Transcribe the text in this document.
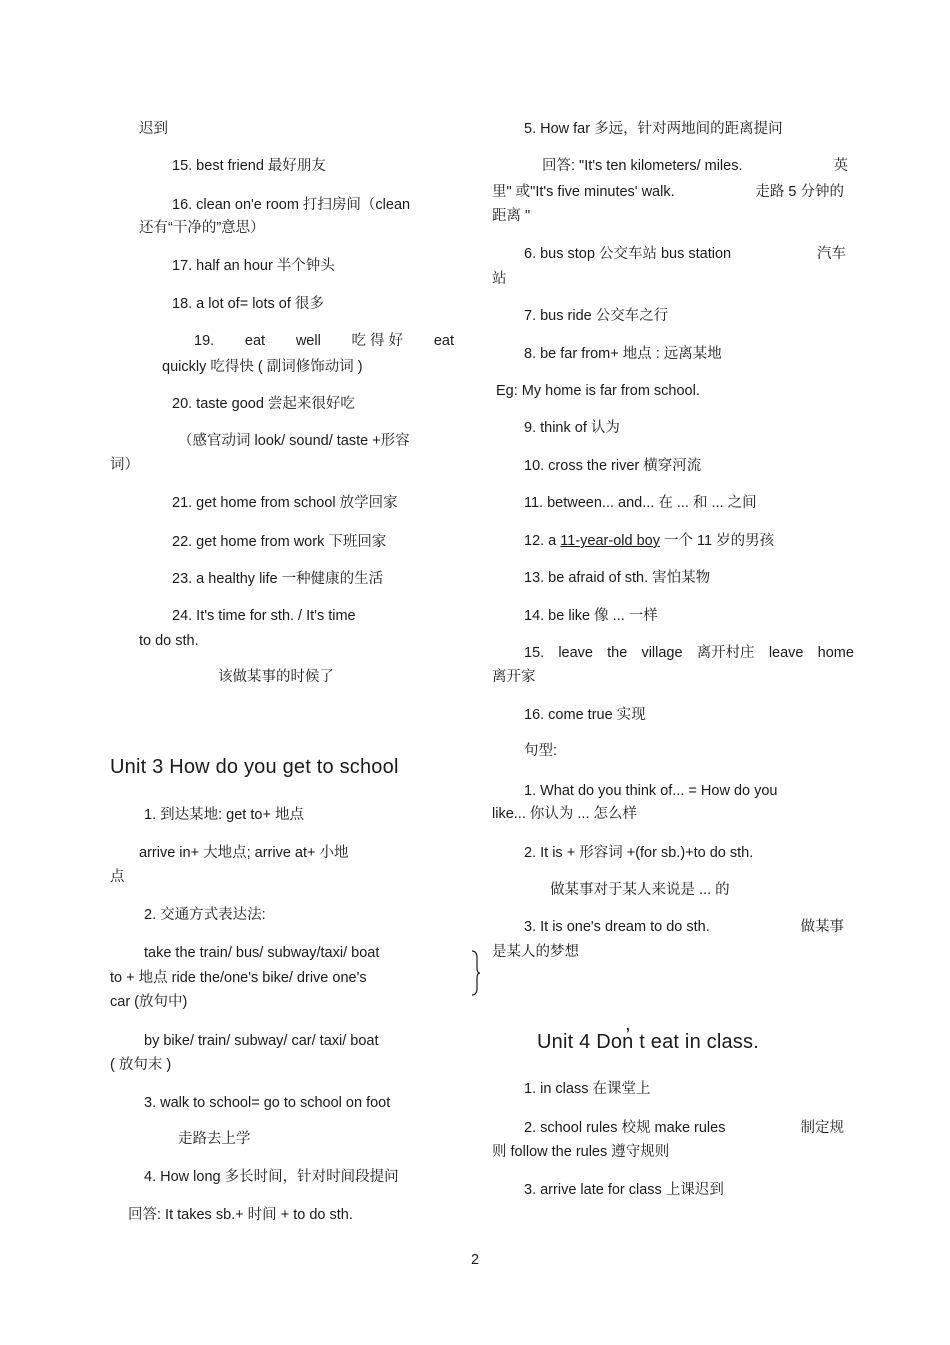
迟到
15. best friend 最好朋友
16. clean on'e room 打扫房间（clean
还有“干净的”意思）
17. half an hour 半个钟头
18. a lot of= lots of 很多
19. eat well 吃 得 好 eat
quickly 吃得快 ( 副词修饰动词 )
20. taste good 尝起来很好吃
（感官动词 look/ sound/ taste +形容
词）
21. get home from school 放学回家
22. get home from work 下班回家
23. a healthy life 一种健康的生活
24. It's time for sth. / It's time
to do sth.
该做某事的时候了
Unit 3 How do you get to school
1. 到达某地: get to+ 地点
arrive in+ 大地点; arrive at+ 小地
点
2. 交通方式表达法:
take the train/ bus/ subway/taxi/ boat
to + 地点 ride the/one's bike/ drive one's
car (放句中)
by bike/ train/ subway/ car/ taxi/ boat
( 放句末 )
3. walk to school= go to school on foot
走路去上学
4. How long 多长时间，针对时间段提问
回答: It takes sb.+ 时间 + to do sth.
5. How far 多远，针对两地间的距离提问
回答: "It's ten kilometers/ miles.	英
里" 或"It's five minutes' walk.	走路 5 分钟的
距离 "
6. bus stop 公交车站 bus station	汽车
站
7. bus ride 公交车之行
8. be far from+ 地点 : 远离某地
Eg: My home is far from school.
9. think of 认为
10. cross the river 横穿河流
11. between... and... 在 ... 和 ... 之间
12. a 11-year-old boy 一个 11 岁的男孩
13. be afraid of sth. 害怕某物
14. be like 像 ... 一样
15. leave the village 离开村庄 leave home
离开家
16. come true 实现
句型:
1. What do you think of... = How do you
like... 你认为 ... 怎么样
2. It is + 形容词 +(for sb.)+to do sth.
做某事对于某人来说是 ... 的
3. It is one's dream to do sth.	做某事
是某人的梦想
Unit 4 Don̓ t eat in class.
1. in class 在课堂上
2. school rules 校规 make rules	制定规
则 follow the rules 遵守规则
3. arrive late for class 上课迟到
2
